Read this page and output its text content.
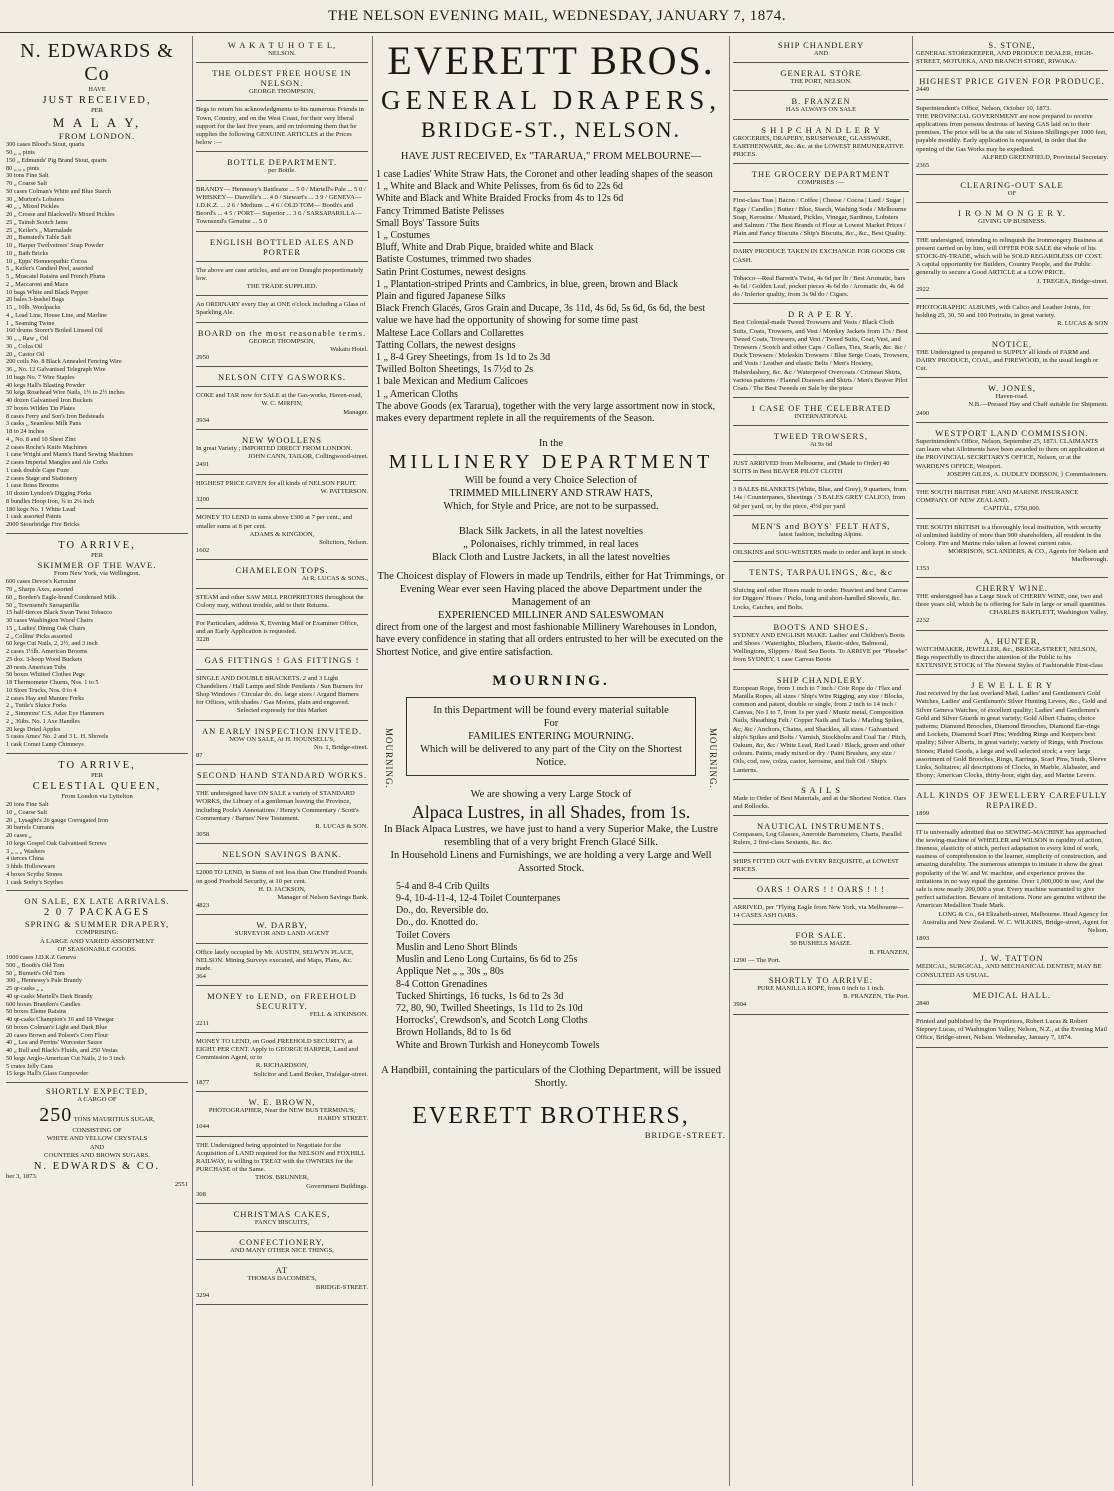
THE NELSON EVENING MAIL, WEDNESDAY, JANUARY 7, 1874.
N. EDWARDS & Co
HAVE
JUST RECEIVED,
PER
M A L A Y,
FROM LONDON.
300 cases Blood's Stout, quarts
50 „ „ pints
150 „ Edmunds' Pig Brand Stout, quarts
80 „ „ „ pints
30 tons Fine Salt
70 „ Coarse Salt
50 cases Colman's White and Blue Starch
30 „ Morton's Lobsters
40 „ „ Mixed Pickles
20 „ Crosse and Blackwell's Mixed Pickles
25 „ Tainsh Scotch Jams
25 „ Keiler's „ Marmalade
20 „ Bumsted's Table Salt
10 „ Harper Twelvetrees' Soap Powder
10 „ Bath Bricks
10 „ Epps' Homœopathic Cocoa
5 „ Keiler's Candied Peel, assorted
5 „ Muscatel Raisins and French Plums
2 „ Maccaroni and Mace
10 bags White and Black Pepper
20 bales 3-bushel Bags
15 „ 10lb. Woolpacks
4 „ Lead Line, House Line, and Marline
1 „ Seaming Twine
160 drums Storer's Boiled Linseed Oil
30 „ „ Raw „ Oil
30 „ Colza Oil
20 „ Castor Oil
200 coils No. 8 Black Annealed Fencing Wire
36 „ No. 12 Galvanised Telegraph Wire
10 bags No. 7 Wire Staples
40 kegs Hall's Blasting Powder
50 kegs Rosehead Wire Nails, 1½ to 2½ inches
40 dozen Galvanised Iron Buckets
37 boxes Wilden Tin Plates
8 cases Ferry and Son's Iron Bedsteads
3 casks „ Seamless Milk Pans
18 to 24 inches
4 „ No. 8 and 10 Sheet Zinc
2 cases Roche's Knife Machines
1 case Wright and Mann's Hand Sewing Machines
2 cases Imperial Mangles and Ale Corks
1 cask double Cape Fuze
2 cases Stage and Stationery
1 case Brass Brooms
10 dozen Lyndon's Digging Forks
8 bundles Hoop Iron, ¾ to 2¼ inch
180 kegs No. 1 White Lead
1 cask assorted Paints
2000 Stourbridge Fire Bricks
TO ARRIVE,
PER
SKIMMER OF THE WAVE.
From New York, via Wellington.
600 cases Devoe's Kerosine
70 „ Sharps Axes, assorted
60 „ Borden's Eagle-brand Condensed Milk
50 „ Townsend's Sarsaparilla
15 half-tierces Black Swan Twist Tobacco
30 cases Washington Wood Chairs
15 „ Ladies' Dining Oak Chairs
2 „ Collins' Picks assorted
60 kegs Cut Nails, 2, 2½, and 3 inch
2 cases 1½lb. American Brooms
25 doz. 3-hoop Wood Buckets
20 nests American Tubs
50 boxes Whitted Clothes Pegs
18 Thermometer Churns, Nos. 1 to 5
10 Store Trucks, Nos. 0 to 4
2 cases Hay and Manure Forks
2 „ Tuttle's Sluice Forks
2 „ Simmons' C.S. Adze Eye Hammers
2 „ 36ibs. No. 1 Axe Handles
20 kegs Dried Apples
5 cases Ames' No. 2 and 3 L. H. Shovels
1 cask Comet Lamp Chimneys
TO ARRIVE,
PER
CELESTIAL QUEEN,
From London via Lyttelton
20 tons Fine Salt
10 „ Coarse Salt
20 „ Lysaght's 26 gauge Corrugated Iron
30 barrels Currants
20 cases „
10 kegs Gospel Oak Galvanised Screws
3 „ „ „ Washers
4 tierces China
3 hhds Hollowware
4 boxes Scythe Stones
1 cask Sorby's Scythes
ON SALE, EX LATE ARRIVALS.
2 0 7 PACKAGES
SPRING & SUMMER DRAPERY,
COMPRISING:
A LARGE AND VARIED ASSORTMENT
OF SEASONABLE GOODS.
1000 cases J.D.K.Z Geneva
500 „ Booth's Old Tom
50 „ Burnett's Old Tom
300 „ Hennessy's Pale Brandy
25 qr-casks „ „
40 qr-casks Martell's Dark Brandy
600 boxes Brandon's Candles
50 boxes Eleme Raisins
40 qr-casks Champion's 16 and 18 Vinegar
60 boxes Colman's Light and Dark Blue
20 cases Brown and Polson's Corn Flour
40 „ Lea and Perrins' Worcester Sauce
40 „ Bull and Black's Fluids, and 250 Vestas
50 kegs Anglo-American Cut Nails, 2 to 3 inch
5 crates Jelly Cans
15 kegs Hall's Glass Gunpowder
SHORTLY EXPECTED,
A CARGO OF
250 TONS MAURITIUS SUGAR,
CONSISTING OF
WHITE AND YELLOW CRYSTALS
AND
COUNTERS AND BROWN SUGARS.
N. EDWARDS & CO.
ber 3, 1873.
2551
W A K A T U H O T E L,
NELSON.
THE OLDEST FREE HOUSE IN NELSON.
GEORGE THOMPSON,
Begs to return his acknowledgments to his numerous Friends in Town, Country, and on the West Coast, for their very liberal support for the last five years, and on informing them that he supplies the following GENUINE ARTICLES at the Prices below :—
BOTTLE DEPARTMENT.
per Bottle.
BRANDY— Hennessy's Battleaxe ... 5 0 / Martell's Pale ... 5 0 / WHISKEY— Dunville's ... 4 0 / Stewart's ... 3 9 / GENEVA— J.D.K.Z. ... 2 6 / Medium ... 4 6 / OLD TOM— Booth's and Beord's ... 4 5 / PORT— Superior ... 3 6 / SARSAPARILLA— Townsend's Genuine ... 5 0
ENGLISH BOTTLED ALES AND PORTER
The above are case articles, and are on Draught proportionately low.
THE TRADE SUPPLIED.
An ORDINARY every Day at ONE o'clock including a Glass of Sparkling Ale.
BOARD on the most reasonable terms.
GEORGE THOMPSON,
Wakatu Hotel.
2950
NELSON CITY GASWORKS.
COKE and TAR now for SALE at the Gas-works, Haven-road,
W. C. MIRFIN,
Manager.
3934
NEW WOOLLENS
In great Variety ; IMPORTED DIRECT FROM LONDON.
JOHN CANN, TAILOR, Collingwood-street.
2491
HIGHEST PRICE GIVEN for all kinds of NELSON FRUIT.
W. PATTERSON.
3200
MONEY TO LEND in sums above £300 at 7 per cent., and smaller sums at 8 per cent.
ADAMS & KINGDON,
Solicitors, Nelson.
1602
CHAMELEON TOPS.
At R. LUCAS & SONS.,
STEAM and other SAW MILL PROPRIETORS throughout the Colony may, without trouble, add to their Returns.
For Particulars, address X, Evening Mail or Examiner Office, and an Early Application is requested.
3228
GAS FITTINGS ! GAS FITTINGS !
SINGLE AND DOUBLE BRACKETS. 2 and 3 Light Chandeliers / Hall Lamps and Slide Pendants / Sun Burners for Shop Windows / Circular do. do. large sizes / Argand Burners for Offices, with shades / Gas Moons, plain and engraved.
Selected expressly for this Market
AN EARLY INSPECTION INVITED.
NOW ON SALE, At H. HOUNSELL'S,
No. 1, Bridge-street.
87
SECOND HAND STANDARD WORKS.
THE undersigned have ON SALE a variety of STANDARD WORKS, the Library of a gentleman leaving the Province, including Poole's Annotations / Henry's Commentary / Scott's Commentary / Barnes' New Testament.
R. LUCAS & SON.
3058
NELSON SAVINGS BANK.
£2000 TO LEND, in Sums of not less than One Hundred Pounds on good Freehold Security, at 10 per cent.
H. D. JACKSON,
Manager of Nelson Savings Bank.
4823
W. DARBY,
SURVEYOR AND LAND AGENT
Office lately occupied by Mr. AUSTIN, SELWYN PLACE, NELSON. Mining Surveys executed, and Maps, Plans, &c. made.
364
MONEY to LEND, on FREEHOLD SECURITY.
FELL & ATKINSON.
2211
MONEY TO LEND, on Good FREEHOLD SECURITY, at EIGHT PER CENT. Apply to GEORGE HARPER, Land and Commission Agent, or to
R. RICHARDSON,
Solicitor and Land Broker, Trafalgar-street.
1877
W. E. BROWN,
PHOTOGRAPHER, Near the NEW BUS TERMINUS,
HARDY STREET.
1044
THE Undersigned being appointed to Negotiate for the Acquisition of LAND required for the NELSON and FOXHILL RAILWAY, is willing to TREAT with the OWNERS for the PURCHASE of the Same.
THOS. BRUNNER,
Government Buildings.
308
CHRISTMAS CAKES,
FANCY BISCUITS,
CONFECTIONERY,
AND MANY OTHER NICE THINGS,
AT
THOMAS DACOMBE'S,
BRIDGE-STREET.
3294
EVERETT BROS.
GENERAL DRAPERS,
BRIDGE-ST., NELSON.
HAVE JUST RECEIVED, Ex "TARARUA," FROM MELBOURNE—
1 case Ladies' White Straw Hats, the Coronet and other leading shapes of the season
1 „ White and Black and White Pelisses, from 6s 6d to 22s 6d
White and Black and White Braided Frocks from 4s to 12s 6d
Fancy Trimmed Batiste Pelisses
Small Boys' Tassore Suits
1 „ Costumes
Bluff, White and Drab Pique, braided white and Black
Batiste Costumes, trimmed two shades
Satin Print Costumes, newest designs
1 „ Plantation-striped Prints and Cambrics, in blue, green, brown and Black
Plain and figured Japanese Silks
Black French Glacés, Gros Grain and Ducape, 3s 11d, 4s 6d, 5s 6d, 6s 6d, the best value we have had the opportunity of showing for some time past
Maltese Lace Collars and Collarettes
Tatting Collars, the newest designs
1 „ 8-4 Grey Sheetings, from 1s 1d to 2s 3d
Twilled Bolton Sheetings, 1s 7½d to 2s
1 bale Mexican and Medium Calicoes
1 „ American Cloths
The above Goods (ex Tararua), together with the very large assortment now in stock, makes every department replete in all the requirements of the Season.
In the
MILLINERY DEPARTMENT
Will be found a very Choice Selection of
TRIMMED MILLINERY AND STRAW HATS,
Which, for Style and Price, are not to be surpassed.
Black Silk Jackets, in all the latest novelties
„ Polonaises, richly trimmed, in real laces
Black Cloth and Lustre Jackets, in all the latest novelties
The Choicest display of Flowers in made up Tendrils, either for Hat Trimmings, or Evening Wear ever seen Having placed the above Department under the Management of an
EXPERIENCED MILLINER AND SALESWOMAN
direct from one of the largest and most fashionable Millinery Warehouses in London, have every confidence in stating that all orders entrusted to her will be executed on the Shortest Notice, and give entire satisfaction.
MOURNING.
MOURNING.	MOURNING.
In this Department will be found every material suitable
For
FAMILIES ENTERING MOURNING.
Which will be delivered to any part of the City on the Shortest Notice.
We are showing a very Large Stock of
Alpaca Lustres, in all Shades, from 1s.
In Black Alpaca Lustres, we have just to hand a very Superior Make, the Lustre resembling that of a very bright French Glacé Silk.
In Household Linens and Furnishings, we are holding a very Large and Well Assorted Stock.
5-4 and 8-4 Crib Quilts
9-4, 10-4-11-4, 12-4 Toilet Counterpanes
Do., do. Reversible do.
Do., do. Knotted do.
Toilet Covers
Muslin and Leno Short Blinds
Muslin and Leno Long Curtains, 6s 6d to 25s
Applique Net „ „ 30s „ 80s
8-4 Cotton Grenadines
Tucked Shirtings, 16 tucks, 1s 6d to 2s 3d
72, 80, 90, Twilled Sheetings, 1s 11d to 2s 10d
Horrocks', Crewdson's, and Scotch Long Cloths
Brown Hollands, 8d to 1s 6d
White and Brown Turkish and Honeycomb Towels
A Handbill, containing the particulars of the Clothing Department, will be issued Shortly.
EVERETT BROTHERS,
BRIDGE-STREET.
SHIP CHANDLERY
AND
GENERAL STORE
THE PORT, NELSON.
B. FRANZEN
HAS ALWAYS ON SALE
S H I P C H A N D L E R Y
GROCERIES, DRAPERY, BRUSHWARE, GLASSWARE, EARTHENWARE, &c. &c. at the LOWEST REMUNERATIVE PRICES.
THE GROCERY DEPARTMENT
COMPRISES :—
First-class Teas | Bacon / Coffee | Cheese / Cocoa | Lard / Sugar | Eggs / Candles | Butter / Blue, Starch, Washing Soda / Melbourne Soap, Kerosine / Mustard, Pickles, Vinegar, Sardines, Lobsters and Salmon / The Best Brands of Flour at Lowest Market Prices / Plain and Fancy Biscuits / Ship's Biscuits, &c., &c., Best Quality.
DAIRY PRODUCE TAKEN IN EXCHANGE FOR GOODS OR CASH.
Tobacco—Real Barrett's Twist, 4s 6d per lb / Best Aromatic, bars 4s 6d / Golden Leaf, pocket pieces 4s 6d do / Aromatic do, 4s 6d do / Inferior quality, from 3s 9d do / Cigars.
D R A P E R Y.
Best Colonial-made Tweed Trowsers and Vests / Black Cloth Suits, Coats, Trowsers, and Vest / Monkey Jackets from 17s / Best Tweed Coats, Trowsers, and Vest / Tweed Suits, Coat, Vest, and Trowsers / Scotch and other Caps / Collars, Ties, Scarfs, &c. &c / Duck Trowsers / Moleskin Trowsers / Blue Serge Coats, Trowsers, and Vests / Leather and elastic Belts / Men's Hosiery, Haberdashery, &c. &c / Waterproof Overcoats / Crimean Shirts, various patterns / Flannel Drawers and Shirts / Men's Beaver Pilot Coats / The Best Tweeds on Sale by the piece
1 CASE OF THE CELEBRATED
INTERNATIONAL
TWEED TROWSERS,
At 9s 6d
JUST ARRIVED from Melbourne, and (Made to Order) 40 SUITS in Best BEAVER PILOT CLOTH
3 BALES BLANKETS (White, Blue, and Grey), 9 quarters, from 14s / Counterpanes, Sheetings / 3 BALES GREY CALICO, from 6d per yard, or, by the piece, 4½d per yard
MEN'S and BOYS' FELT HATS,
latest fashion, including Alpine.
OILSKINS and SOU-WESTERS made to order and kept in stock
TENTS, TARPAULINGS, &c, &c
Sluicing and other Hoses made to order. Heaviest and best Canvas for Diggers' Hoses / Picks, long and short-handled Shovels, &c. Locks, Catches, and Bolts.
BOOTS AND SHOES.
SYDNEY AND ENGLISH MAKE. Ladies' and Children's Boots and Shoes / Watertights, Bluchers, Elastic-sides, Balmoral, Wellingtons, Slippers / Real Sea Boots. To ARRIVE per "Phoebe" from SYDNEY. 1 case Canvas Boots
SHIP CHANDLERY.
European Rope, from 1 inch to 7 inch / Coir Rope do / Flax and Manilla Ropes, all sizes / Ship's Wire Rigging, any size / Blocks, common and patent, double or single, from 2 inch to 14 inch / Canvas, No 1 to 7, from 1s per yard / Muntz metal, Composition Nails, Sheathing Felt / Copper Nails and Tacks / Marling Spikes, &c, &c / Anchors, Chains, and Shackles, all sizes / Galvanised ship's Spikes and Bolts / Varnish, Stockholm and Coal Tar / Pitch, Oakum, &c, &c / White Lead, Red Lead / Black, green and other colours. Paints, ready mixed or dry / Paint Brushes, any size / Oils, cod, raw, colza, castor, kerosine, and fish Oil / Ship's Lanterns.
S A I L S
Made to Order of Best Materials, and at the Shortest Notice. Oars and Rollocks.
NAUTICAL INSTRUMENTS.
Compasses, Log Glasses, Aneroide Barometers, Charts, Parallel Rulers, 2 first-class Sextants, &c. &c.
SHIPS FITTED OUT with EVERY REQUISITE, at LOWEST PRICES.
OARS ! OARS ! ! OARS ! ! !
ARRIVED, per "Flying Eagle from New York, via Melbourne— 14 CASES ASH OARS.
FOR SALE.
50 BUSHELS MAIZE.
B. FRANZEN,
1290 — The Port.
SHORTLY TO ARRIVE:
PURE MANILLA ROPE, from 6 inch to 1 inch.
B. FRANZEN, The Port.
3904
S. STONE,
GENERAL STOREKEEPER, AND PRODUCE DEALER, HIGH-STREET, MOTUEKA, AND BRANCH STORE, RIWAKA.
HIGHEST PRICE GIVEN FOR PRODUCE.
2449
Superintendent's Office, Nelson, October 10, 1873.
THE PROVINCIAL GOVERNMENT are now prepared to receive applications from persons desirous of having GAS laid on to their premises. The price will be at the rate of Sixteen Shillings per 1000 feet, payable monthly. Early application is requested, in order that the opening of the Gas Works may be expedited.
ALFRED GREENFIELD, Provincial Secretary.
2365
CLEARING-OUT SALE
OF
I R O N M O N G E R Y.
GIVING UP BUSINESS.
THE undersigned, intending to relinquish the Ironmongery Business at present carried on by him, will OFFER FOR SALE the whole of his STOCK-IN-TRADE, which will be SOLD REGARDLESS OF COST. A capital opportunity for Builders, Country People, and the Public generally to secure a Good ARTICLE at a LOW PRICE.
J. TREGEA, Bridge-street.
2922
PHOTOGRAPHIC ALBUMS, with Calico and Leather Joints, for holding 25, 30, 50 and 100 Portraits, in great variety.
R. LUCAS & SON
NOTICE.
THE Undersigned is prepared to SUPPLY all kinds of FARM and DAIRY PRODUCE, COAL, and FIREWOOD, in the usual length or Cut.
W. JONES,
Haven-road.
N.B.—Pressed Hay and Chaff suitable for Shipment.
2490
WESTPORT LAND COMMISSION.
Superintendent's Office, Nelson, September 25, 1873. CLAIMANTS can learn what Allotments have been awarded to them on application at the PROVINCIAL SECRETARY'S OFFICE, Nelson, or at the WARDEN'S OFFICE, Westport.
JOSEPH GILES, A. DUDLEY DOBSON, } Commissioners.
THE SOUTH BRITISH FIRE AND MARINE INSURANCE COMPANY OF NEW ZEALAND.
CAPITAL, £750,000.
THE SOUTH BRITISH is a thoroughly local institution, with security of unlimited liability of more than 900 shareholders, all resident in the Colony. Fire and Marine risks taken at lowest current rates.
MORRISON, SCLANDERS, & CO., Agents for Nelson and Marlborough.
1353
CHERRY WINE.
THE undersigned has a Large Stock of CHERRY WINE, one, two and three years old, which he is offering for Sale in large or small quantities.
CHARLES BARTLETT, Washington Valley.
2232
A. HUNTER,
WATCHMAKER, JEWELLER, &c., BRIDGE-STREET, NELSON, Begs respectfully to direct the attention of the Public to his EXTENSIVE STOCK of The Newest Styles of Fashionable First-class
J E W E L L E R Y
Just received by the last overland Mail. Ladies' and Gentlemen's Gold Watches, Ladies' and Gentlemen's Silver Hunting Levers, &c., Gold and Silver Geneva Watches, of excellent quality; Ladies' and Gentlemen's Gold and Silver Guards in great variety; Gold Albert Chains, choice patterns; Diamond Brooches, Diamond Brooches, Diamond Ear-rings and Lockets, Diamond Scarf Pins; Wedding Rings and Keepers best quality; Silver Alberts, in great variety; variety of Rings, with Precious Stones; Plated Goods, a large and well selected stock; a very large assortment of Gold Brooches, Rings, Earrings, Scarf Pins, Studs, Sleeve Links, Solitaires; all descriptions of Clocks, in Marble, Alabaster, and Ebony; American Clocks, thirty-hour, eight day, and Marine Levers.
ALL KINDS OF JEWELLERY CAREFULLY REPAIRED.
1899
IT is universally admitted that no SEWING-MACHINE has approached the sewing-machine of WHEELER and WILSON in rapidity of action, fineness, elasticity of stitch, perfect adaptation to every kind of work, easiness of comprehension to the learner, simplicity of construction, and amazing durability. The numerous attempts to imitate it show the great popularity of the W. and W. machine, and experience proves the imitations in no way equal the genuine. Over 1,000,000 in use, And the sale is now nearly 200,000 a year. Every machine warranted to give perfect satisfaction. Beware of imitations. None are genuine without the American Medallion Trade Mark.
LONG & Co., 64 Elizabeth-street, Melbourne. Head Agency for Australia and New Zealand. W. C. WILKINS, Bridge-street, Agent for Nelson.
1893
J. W. TATTON
MEDICAL, SURGICAL, AND MECHANICAL DENTIST, MAY BE CONSULTED AS USUAL.
MEDICAL HALL.
2840
Printed and published by the Proprietors, Robert Lucas & Robert Stepney Lucas, of Washington Valley, Nelson, N.Z., at the Evening Mail Office, Bridge-street, Nelson. Wednesday, January 7, 1874.
